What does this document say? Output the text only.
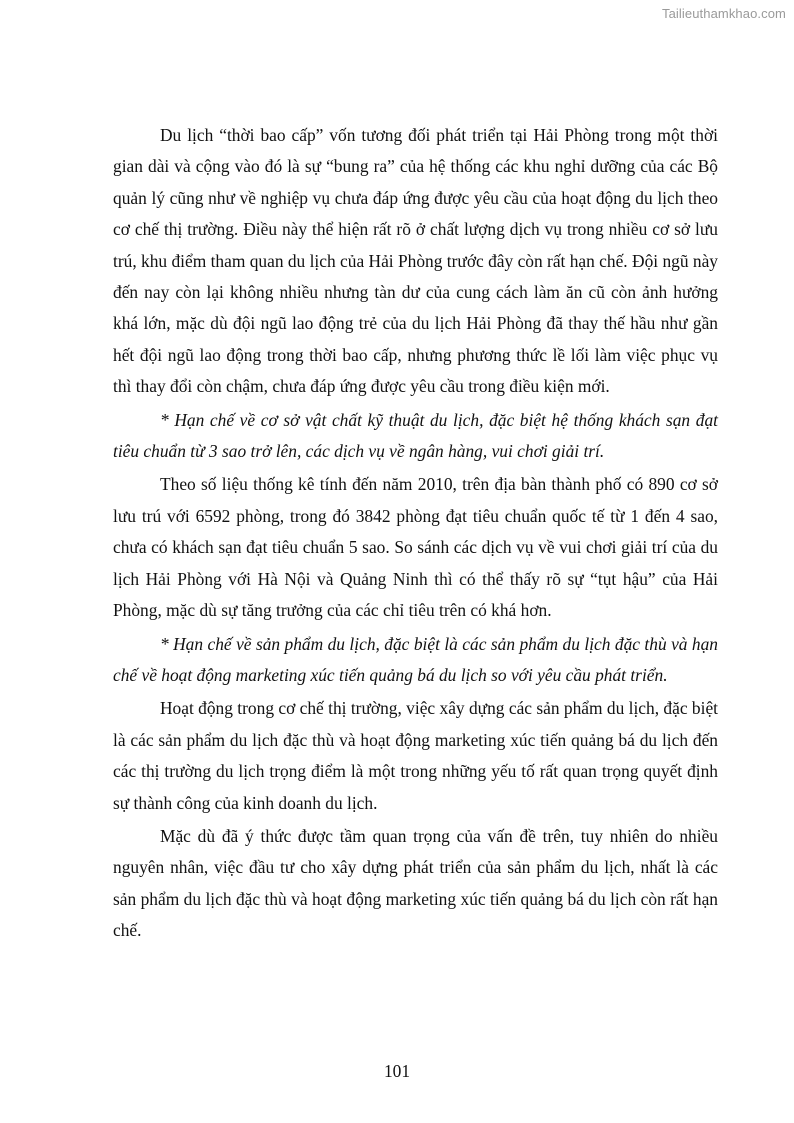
Tailieuthamkhao.com

Du lịch “thời bao cấp” vốn tương đối phát triển tại Hải Phòng trong một thời gian dài và cộng vào đó là sự “bung ra” của hệ thống các khu nghỉ dưỡng của các Bộ quản lý cũng như về nghiệp vụ chưa đáp ứng được yêu cầu của hoạt động du lịch theo cơ chế thị trường. Điều này thể hiện rất rõ ở chất lượng dịch vụ trong nhiều cơ sở lưu trú, khu điểm tham quan du lịch của Hải Phòng trước đây còn rất hạn chế. Đội ngũ này đến nay còn lại không nhiều nhưng tàn dư của cung cách làm ăn cũ còn ảnh hưởng khá lớn, mặc dù đội ngũ lao động trẻ của du lịch Hải Phòng đã thay thế hầu như gần hết đội ngũ lao động trong thời bao cấp, nhưng phương thức lề lối làm việc phục vụ thì thay đổi còn chậm, chưa đáp ứng được yêu cầu trong điều kiện mới.

* Hạn chế về cơ sở vật chất kỹ thuật du lịch, đặc biệt hệ thống khách sạn đạt tiêu chuẩn từ 3 sao trở lên, các dịch vụ về ngân hàng, vui chơi giải trí.

Theo số liệu thống kê tính đến năm 2010, trên địa bàn thành phố có 890 cơ sở lưu trú với 6592 phòng, trong đó 3842 phòng đạt tiêu chuẩn quốc tế từ 1 đến 4 sao, chưa có khách sạn đạt tiêu chuẩn 5 sao. So sánh các dịch vụ về vui chơi giải trí của du lịch Hải Phòng với Hà Nội và Quảng Ninh thì có thể thấy rõ sự “tụt hậu” của Hải Phòng, mặc dù sự tăng trưởng của các chỉ tiêu trên có khá hơn.

* Hạn chế về sản phẩm du lịch, đặc biệt là các sản phẩm du lịch đặc thù và hạn chế về hoạt động marketing xúc tiến quảng bá du lịch so với yêu cầu phát triển.

Hoạt động trong cơ chế thị trường, việc xây dựng các sản phẩm du lịch, đặc biệt là các sản phẩm du lịch đặc thù và hoạt động marketing xúc tiến quảng bá du lịch đến các thị trường du lịch trọng điểm là một trong những yếu tố rất quan trọng quyết định sự thành công của kinh doanh du lịch.

Mặc dù đã ý thức được tầm quan trọng của vấn đề trên, tuy nhiên do nhiều nguyên nhân, việc đầu tư cho xây dựng phát triển của sản phẩm du lịch, nhất là các sản phẩm du lịch đặc thù và hoạt động marketing xúc tiến quảng bá du lịch còn rất hạn chế.

101
